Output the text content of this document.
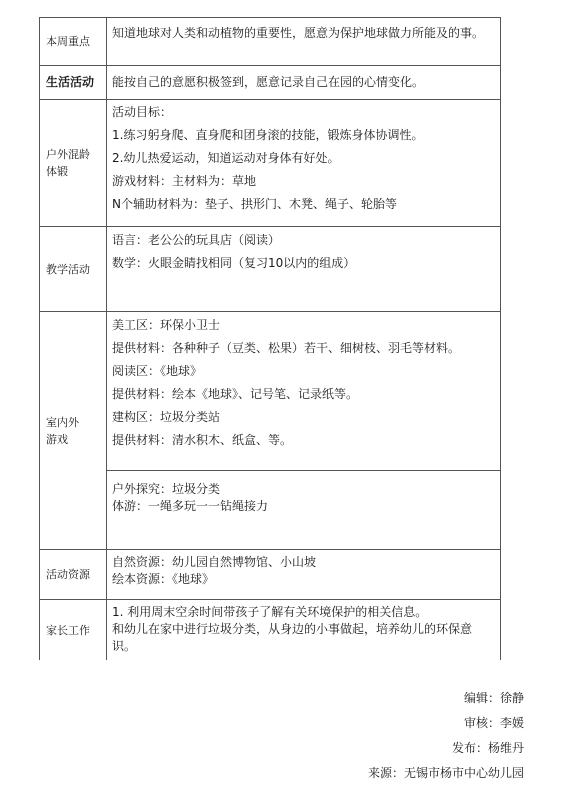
本周重点
知道地球对人类和动植物的重要性，愿意为保护地球做力所能及的事。
生活活动	能按自己的意愿积极签到，愿意记录自己在园的心情变化。
户外混龄
体锻
活动目标：
1.练习躬身爬、直身爬和团身滚的技能，锻炼身体协调性。
2.幼儿热爱运动，知道运动对身体有好处。
游戏材料：主材料为：草地
N个辅助材料为：垫子、拱形门、木凳、绳子、轮胎等
教学活动
语言：老公公的玩具店（阅读）
数学：火眼金睛找相同（复习10以内的组成）
室内外
游戏
美工区：环保小卫士
提供材料：各种种子（豆类、松果）若干、细树枝、羽毛等材料。
阅读区：《地球》
提供材料：绘本《地球》、记号笔、记录纸等。
建构区：垃圾分类站
提供材料：清水积木、纸盒、等。
户外探究：垃圾分类
体游：一绳多玩一一钻绳接力
活动资源
自然资源：幼儿园自然博物馆、小山坡
绘本资源：《地球》
家长工作
1. 利用周末空余时间带孩子了解有关环境保护的相关信息。
和幼儿在家中进行垃圾分类，从身边的小事做起，培养幼儿的环保意识。
编辑：徐静
审核：李媛
发布：杨维丹
来源：无锡市杨市中心幼儿园
